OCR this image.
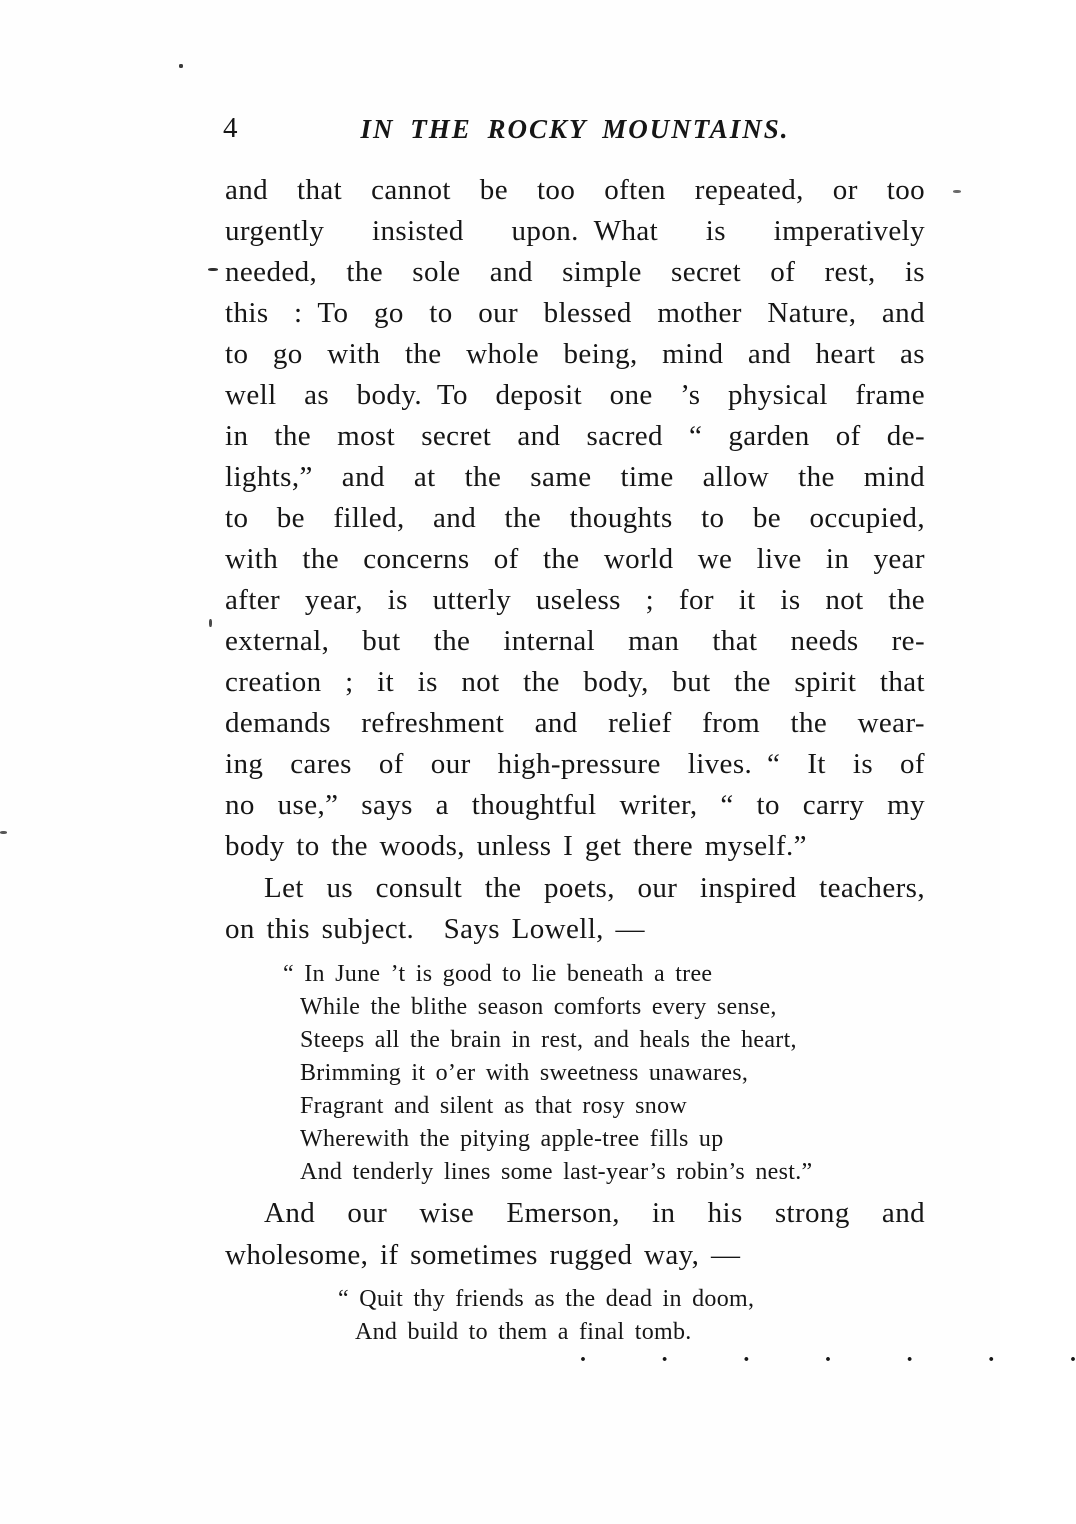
4	IN THE ROCKY MOUNTAINS.
and that cannot be too often repeated, or too
urgently insisted upon. What is imperatively
needed, the sole and simple secret of rest, is
this : To go to our blessed mother Nature, and
to go with the whole being, mind and heart as
well as body. To deposit one ’s physical frame
in the most secret and sacred “ garden of de-
lights,” and at the same time allow the mind
to be filled, and the thoughts to be occupied,
with the concerns of the world we live in year
after year, is utterly useless ; for it is not the
external, but the internal man that needs re-
creation ; it is not the body, but the spirit that
demands refreshment and relief from the wear-
ing cares of our high-pressure lives. “ It is of
no use,” says a thoughtful writer, “ to carry my
body to the woods, unless I get there myself.”
Let us consult the poets, our inspired teachers,
on this subject. Says Lowell, —
“ In June ’t is good to lie beneath a tree
While the blithe season comforts every sense,
Steeps all the brain in rest, and heals the heart,
Brimming it o’er with sweetness unawares,
Fragrant and silent as that rosy snow
Wherewith the pitying apple-tree fills up
And tenderly lines some last-year’s robin’s nest.”
And our wise Emerson, in his strong and
wholesome, if sometimes rugged way, —
“ Quit thy friends as the dead in doom,
And build to them a final tomb.
.	.	.	.	.	.	.
